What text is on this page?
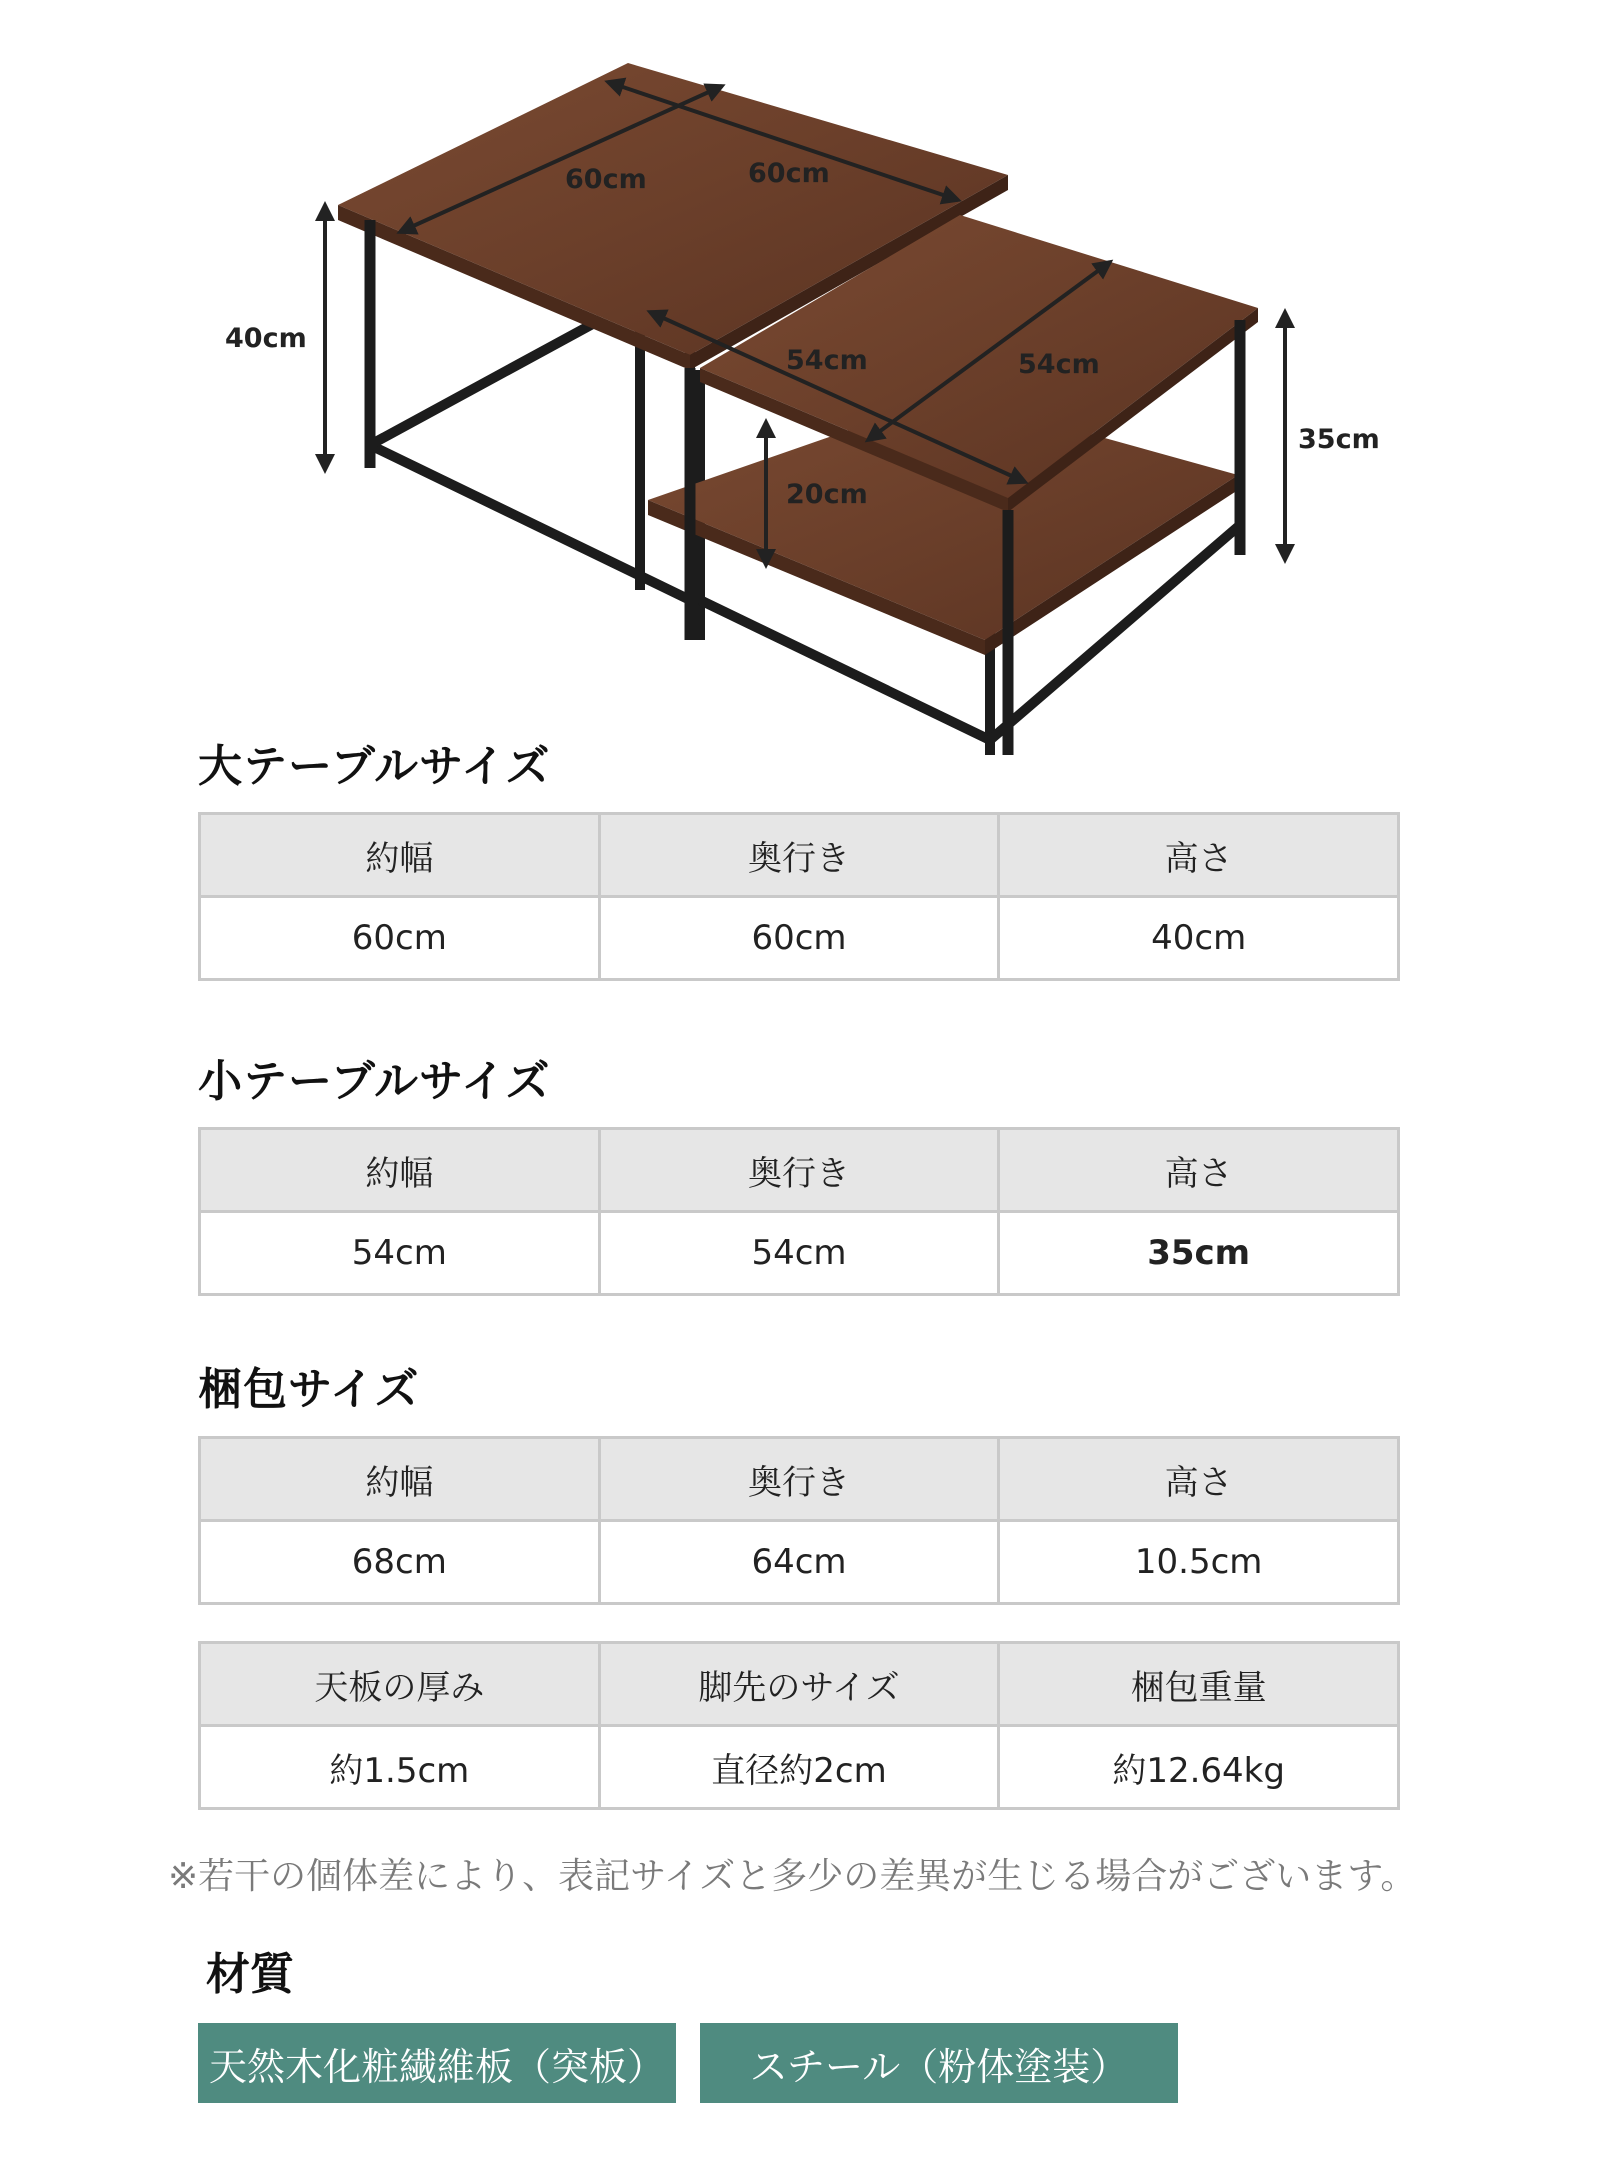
60cm	60cm
40cm
54cm	54cm
35cm
20cm
大テーブルサイズ
約幅	奥行き	高さ
60cm	60cm	40cm
小テーブルサイズ
約幅	奥行き	高さ
54cm	54cm	35cm
梱包サイズ
約幅	奥行き	高さ
68cm	64cm	10.5cm
天板の厚み	脚先のサイズ	梱包重量
約1.5cm	直径約2cm	約12.64kg
※若干の個体差により、表記サイズと多少の差異が生じる場合がございます。
材質
天然木化粧繊維板（突板）	スチール（粉体塗装）
